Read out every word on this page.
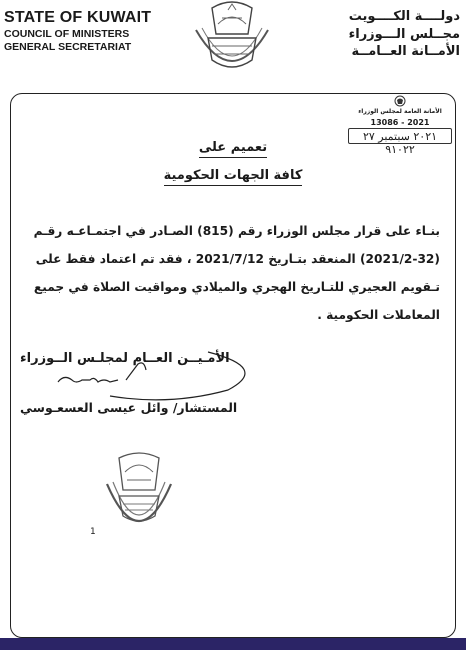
STATE OF KUWAIT
COUNCIL OF MINISTERS
GENERAL SECRETARIAT
دولــــة الكــــويت
مجــلس الـــوزراء
الأمــانة العــامــة
الأمانة العامة لمجلس الوزراء
13086 - 2021
٢٠٢١ سبتمبر ٢٧ ٩١٠٢٢
تعميم على
كافة الجهات الحكومية
بنـاء على قرار مجلس الوزراء رقم (815) الصـادر في اجتمـاعـه رقـم
(2021/2-32) المنعقد بتـاريخ 2021/7/12 ، فقد تم اعتماد فقط على
تـقويم العجيري للتـاريخ الهجري والميلادي ومواقيت الصلاة في جميع
المعاملات الحكومية .
الأمـيــن العــام لمجلـس الــوزراء
المستشار/ وائل عيسى العسعـوسي
1
